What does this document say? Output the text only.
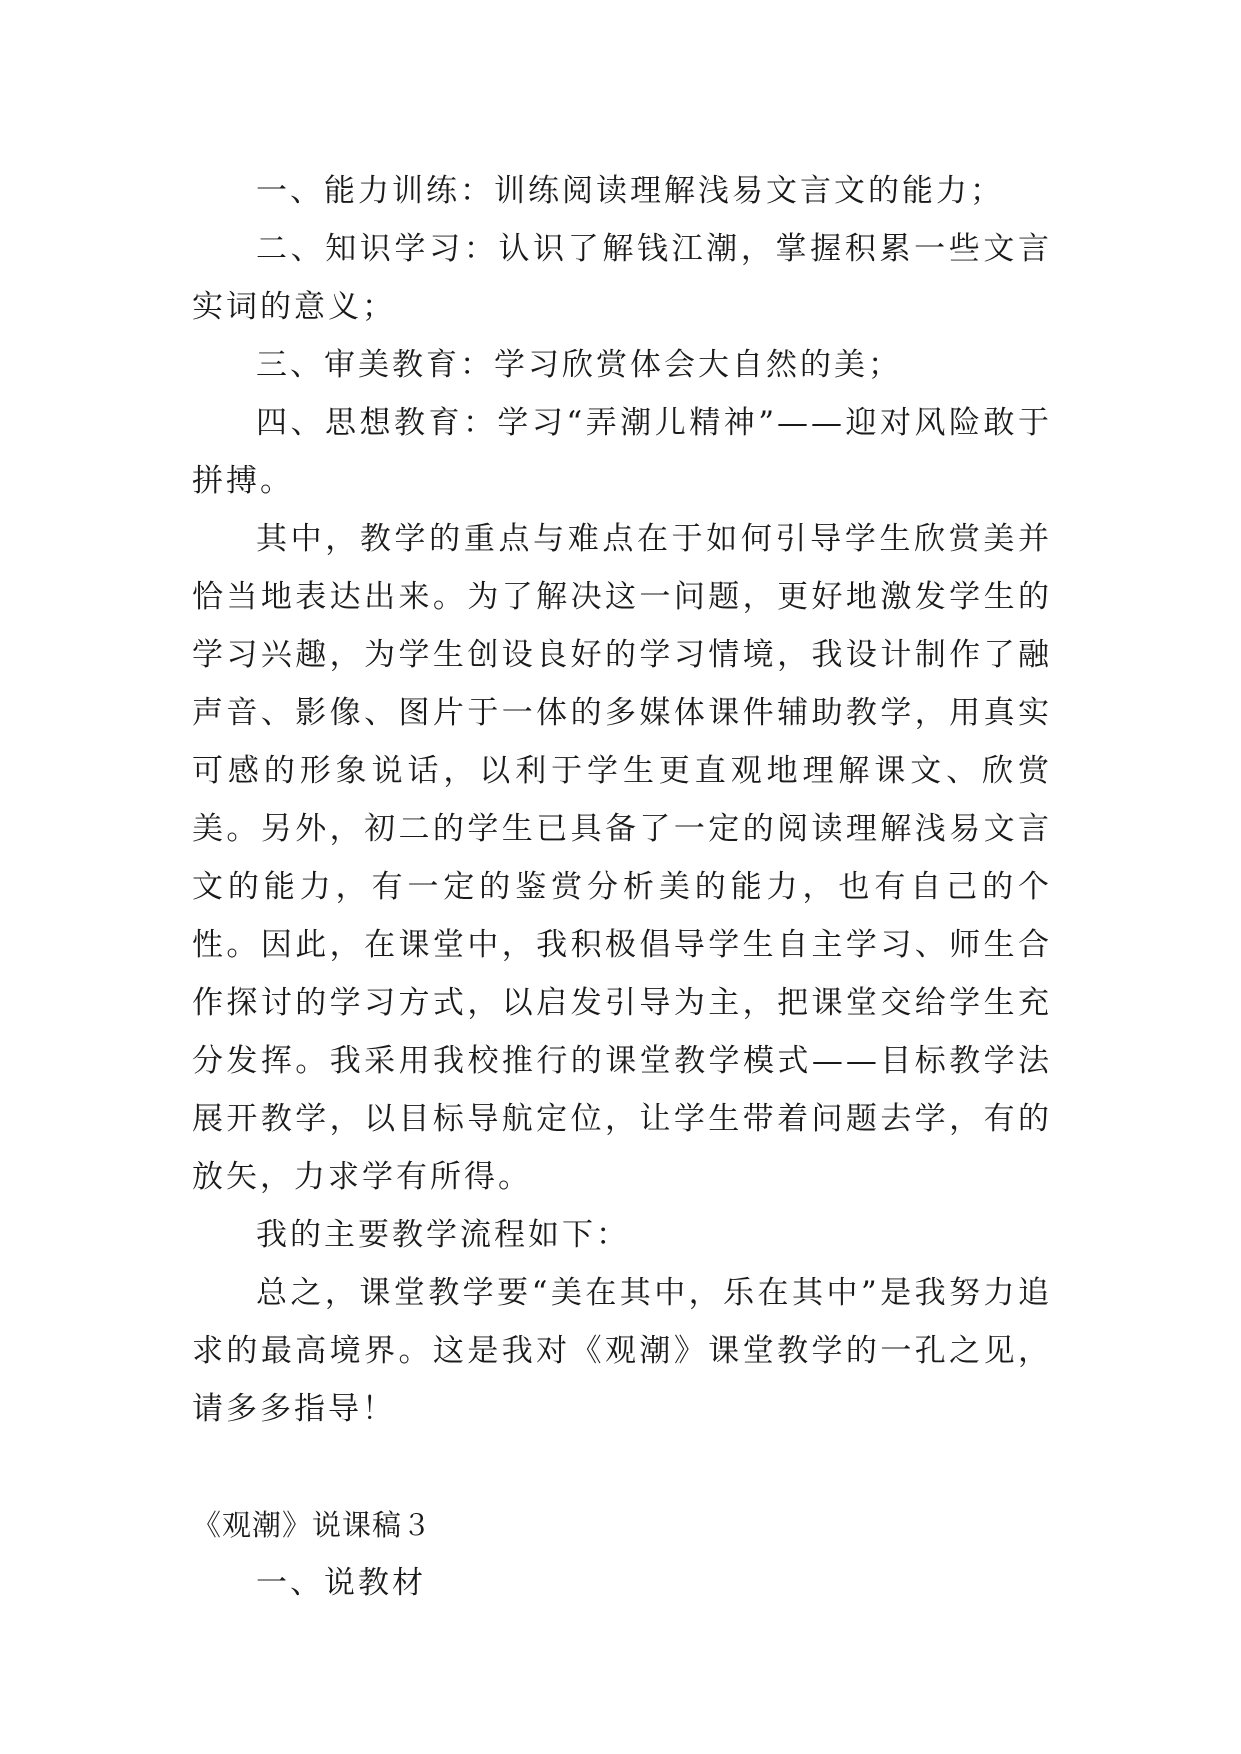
一、能力训练：训练阅读理解浅易文言文的能力；

二、知识学习：认识了解钱江潮，掌握积累一些文言实词的意义；

三、审美教育：学习欣赏体会大自然的美；

四、思想教育：学习“弄潮儿精神”——迎对风险敢于拼搏。

其中，教学的重点与难点在于如何引导学生欣赏美并恰当地表达出来。为了解决这一问题，更好地激发学生的学习兴趣，为学生创设良好的学习情境，我设计制作了融声音、影像、图片于一体的多媒体课件辅助教学，用真实可感的形象说话，以利于学生更直观地理解课文、欣赏美。另外，初二的学生已具备了一定的阅读理解浅易文言文的能力，有一定的鉴赏分析美的能力，也有自己的个性。因此，在课堂中，我积极倡导学生自主学习、师生合作探讨的学习方式，以启发引导为主，把课堂交给学生充分发挥。我采用我校推行的课堂教学模式——目标教学法展开教学，以目标导航定位，让学生带着问题去学，有的放矢，力求学有所得。

我的主要教学流程如下：

总之，课堂教学要“美在其中，乐在其中”是我努力追求的最高境界。这是我对《观潮》课堂教学的一孔之见，请多多指导！

《观潮》说课稿３

一、说教材
